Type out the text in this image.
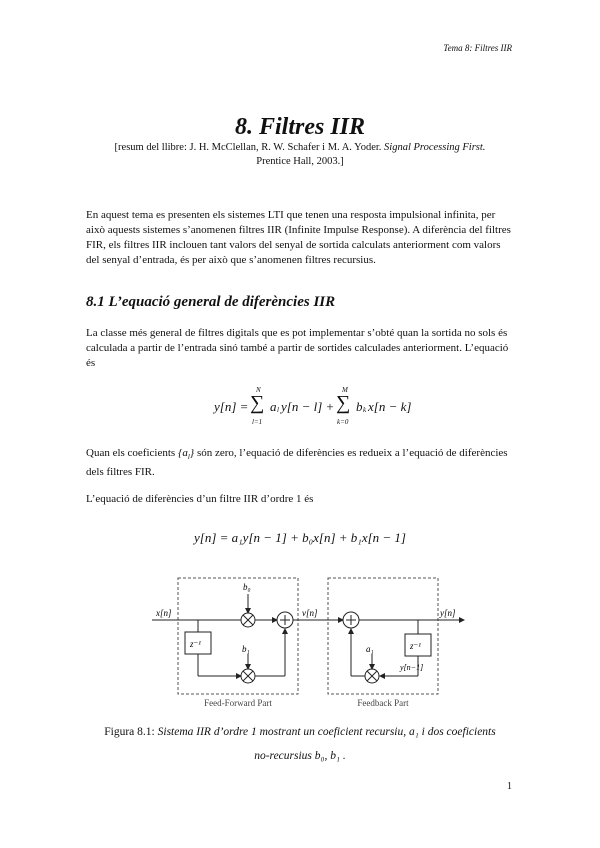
Tema 8: Filtres IIR
8. Filtres IIR
[resum del llibre: J. H. McClellan, R. W. Schafer i M. A. Yoder. Signal Processing First.
Prentice Hall, 2003.]
En aquest tema es presenten els sistemes LTI que tenen una resposta impulsional infinita, per això aquests sistemes s’anomenen filtres IIR (Infinite Impulse Response). A diferència del filtres FIR, els filtres IIR inclouen tant valors del senyal de sortida calculats anteriorment com valors del senyal d’entrada, és per això que s’anomenen filtres recursius.
8.1 L’equació general de diferències IIR
La classe més general de filtres digitals que es pot implementar s’obté quan la sortida no sols és calculada a partir de l’entrada sinó també a partir de sortides calculades anteriorment. L’equació és
y[n] =
N
∑
l=1
a l y[n − l] +
M
∑
k=0
b k x[n − k]
Quan els coeficients $\{a_l\}$ són zero, l’equació de diferències es redueix a l’equació de diferències dels filtres FIR.
L’equació de diferències d’un filtre IIR d’ordre 1 és
y[n] = a₁y[n − 1] + b₀x[n] + b₁x[n − 1]
x[n]
b₀
b₁	a₁
v[n]	y[n]
z⁻¹	z⁻¹
y[n−1]
Feed-Forward Part	Feedback Part
Figura 8.1: Sistema IIR d’ordre 1 mostrant un coeficient recursiu, a₁ i dos coeficients
no-recursius b₀, b₁ .
1
